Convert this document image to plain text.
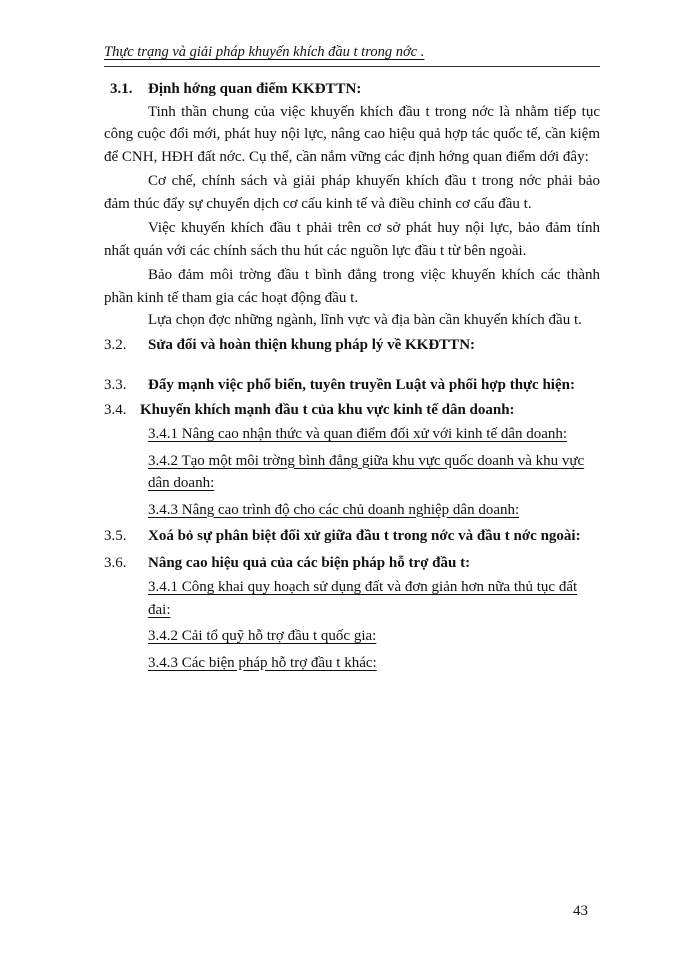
Thực trạng và giải pháp khuyến khích đầu t trong nớc .
3.1.	Định hớng quan điểm KKĐTTN:

Tinh thần chung của việc khuyến khích đầu t trong nớc là nhằm tiếp tục công cuộc đổi mới, phát huy nội lực, nâng cao hiệu quả hợp tác quốc tế, cần kiệm để CNH, HĐH đất nớc. Cụ thể, cần nắm vững các định hớng quan điểm dới đây:

Cơ chế, chính sách và giải pháp khuyến khích đầu t trong nớc phải bảo đảm thúc đẩy sự chuyển dịch cơ cấu kinh tế và điều chỉnh cơ cấu đầu t.

Việc khuyến khích đầu t phải trên cơ sở phát huy nội lực, bảo đảm tính nhất quán với các chính sách thu hút các nguồn lực đầu t từ bên ngoài.

Bảo đảm môi trờng đầu t bình đẳng trong việc khuyến khích các thành phần kinh tế tham gia các hoạt động đầu t.

Lựa chọn đợc những ngành, lĩnh vực và địa bàn cần khuyến khích đầu t.

3.2.	Sửa đổi và hoàn thiện khung pháp lý về KKĐTTN:
3.3.	Đẩy mạnh việc phổ biến, tuyên truyền Luật và phối hợp thực hiện:
3.4. Khuyến khích mạnh đầu t của khu vực kinh tế dân doanh:
3.4.1 Nâng cao nhận thức và quan điểm đối xử với kinh tế dân doanh:
3.4.2 Tạo một môi trờng bình đẳng giữa khu vực quốc doanh và khu vực dân doanh:
3.4.3 Nâng cao trình độ cho các chủ doanh nghiệp dân doanh:
3.5.	Xoá bỏ sự phân biệt đối xử giữa đầu t trong nớc và đầu t nớc ngoài:
3.6.	Nâng cao hiệu quả của các biện pháp hỗ trợ đầu t:
3.4.1 Công khai quy hoạch sử dụng đất và đơn giản hơn nữa thủ tục đất đai:
3.4.2 Cải tổ quỹ hỗ trợ đầu t quốc gia:
3.4.3 Các biện pháp hỗ trợ đầu t khác:
43
